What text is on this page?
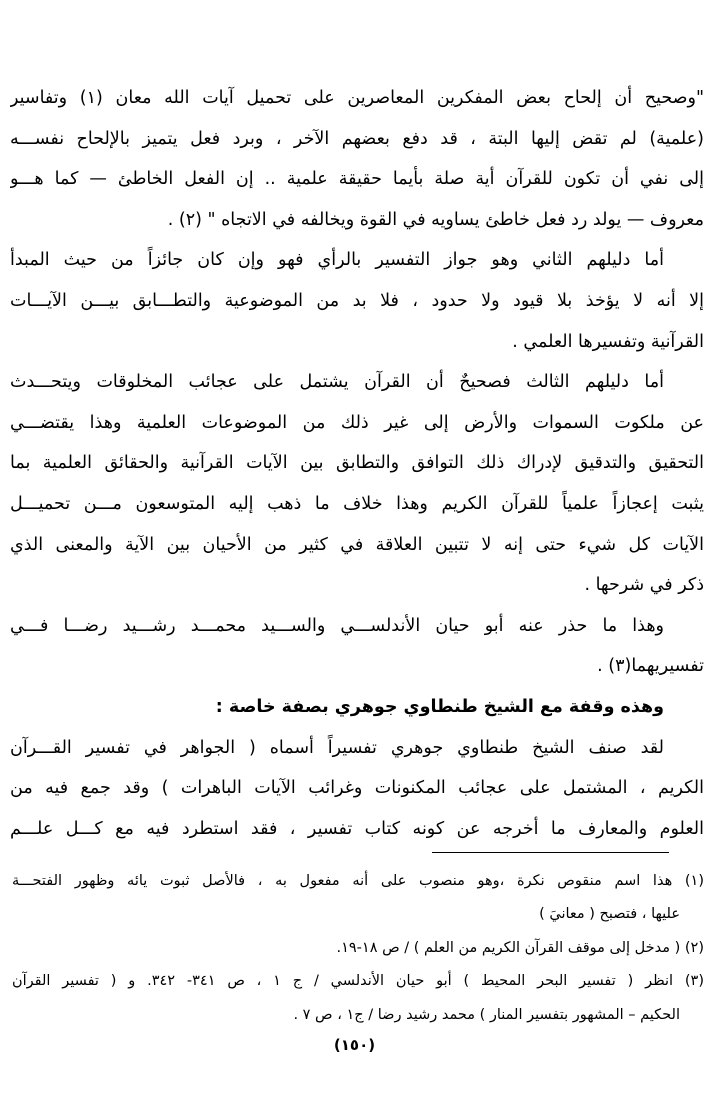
"وصحيح أن إلحاح بعض المفكرين المعاصرين على تحميل آيات الله معان (١) وتفاسير
(علمية) لم تقض إليها البتة ، قد دفع بعضهم الآخر ، وبرد فعل يتميز بالإلحاح نفســـه
إلى نفي أن تكون للقرآن أية صلة بأيما حقيقة علمية .. إن الفعل الخاطئ — كما هـــو
معروف — يولد رد فعل خاطئ يساويه في القوة ويخالفه في الاتجاه " (٢) .
أما دليلهم الثاني وهو جواز التفسير بالرأي فهو وإن كان جائزاً من حيث المبدأ
إلا أنه لا يؤخذ بلا قيود ولا حدود ، فلا بد من الموضوعية والتطـــابق بيـــن الآيـــات
القرآنية وتفسيرها العلمي .
أما دليلهم الثالث فصحيحٌ أن القرآن يشتمل على عجائب المخلوقات ويتحـــدث
عن ملكوت السموات والأرض إلى غير ذلك من الموضوعات العلمية وهذا يقتضـــي
التحقيق والتدقيق لإدراك ذلك التوافق والتطابق بين الآيات القرآنية والحقائق العلمية بما
يثبت إعجازاً علمياً للقرآن الكريم وهذا خلاف ما ذهب إليه المتوسعون مـــن تحميـــل
الآيات كل شيء حتى إنه لا تتبين العلاقة في كثير من الأحيان بين الآية والمعنى الذي
ذكر في شرحها .
وهذا ما حذر عنه أبو حيان الأندلســـي والســـيد محمـــد رشـــيد رضـــا فـــي
تفسيريهما(٣) .
وهذه وقفة مع الشيخ طنطاوي جوهري بصفة خاصة :
لقد صنف الشيخ طنطاوي جوهري تفسيراً أسماه ( الجواهر في تفسير القـــرآن
الكريم ، المشتمل على عجائب المكنونات وغرائب الآيات الباهرات ) وقد جمع فيه من
العلوم والمعارف ما أخرجه عن كونه كتاب تفسير ، فقد استطرد فيه مع كـــل علـــم
(١) هذا اسم منقوص نكرة ،وهو منصوب على أنه مفعول به ، فالأصل ثبوت يائه وظهور الفتحـــة
عليها ، فتصبح ( معانيَ )
(٢) ( مدخل إلى موقف القرآن الكريم من العلم ) / ص ١٨-١٩.
(٣) انظر ( تفسير البحر المحيط ) أبو حيان الأندلسي / ج ١ ، ص ٣٤١- ٣٤٢. و ( تفسير القرآن
الحكيم – المشهور بتفسير المنار ) محمد رشيد رضا / ج١ ، ص ٧ .
(١٥٠)
